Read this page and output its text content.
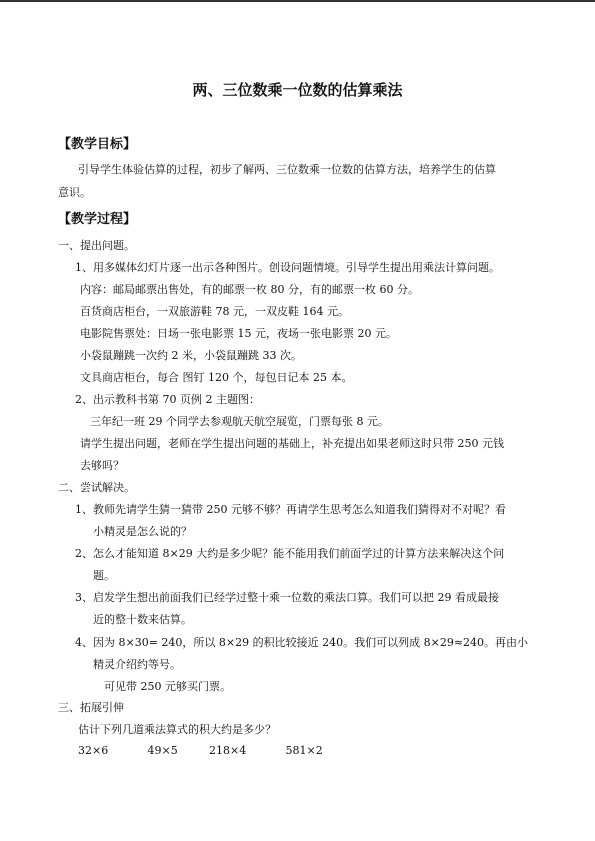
两、三位数乘一位数的估算乘法
【教学目标】
引导学生体验估算的过程，初步了解两、三位数乘一位数的估算方法，培养学生的估算
意识。
【教学过程】
一、提出问题。
1、用多媒体幻灯片逐一出示各种图片。创设问题情境。引导学生提出用乘法计算问题。
内容：邮局邮票出售处，有的邮票一枚 80 分，有的邮票一枚 60 分。
百货商店柜台，一双旅游鞋 78 元，一双皮鞋 164 元。
电影院售票处：日场一张电影票 15 元，夜场一张电影票 20 元。
小袋鼠蹦跳一次约 2 米，小袋鼠蹦跳 33 次。
文具商店柜台，每合 图钉 120 个，每包日记本 25 本。
2、出示教科书第 70 页例 2 主题图：
三年纪一班 29 个同学去参观航天航空展览，门票每张 8 元。
请学生提出问题，老师在学生提出问题的基础上，补充提出如果老师这时只带 250 元钱
去够吗？
二、尝试解决。
1、教师先请学生猜一猜带 250 元够不够？再请学生思考怎么知道我们猜得对不对呢？看
小精灵是怎么说的？
2、怎么才能知道 8×29 大约是多少呢？能不能用我们前面学过的计算方法来解决这个问
题。
3、启发学生想出前面我们已经学过整十乘一位数的乘法口算。我们可以把 29 看成最接
近的整十数来估算。
4、因为 8×30= 240，所以 8×29 的积比较接近 240。我们可以列成 8×29≈240。再由小
精灵介绍约等号。
可见带 250 元够买门票。
三、拓展引伸
估计下列几道乘法算式的积大约是多少？
32×6	49×5	218×4	581×2
